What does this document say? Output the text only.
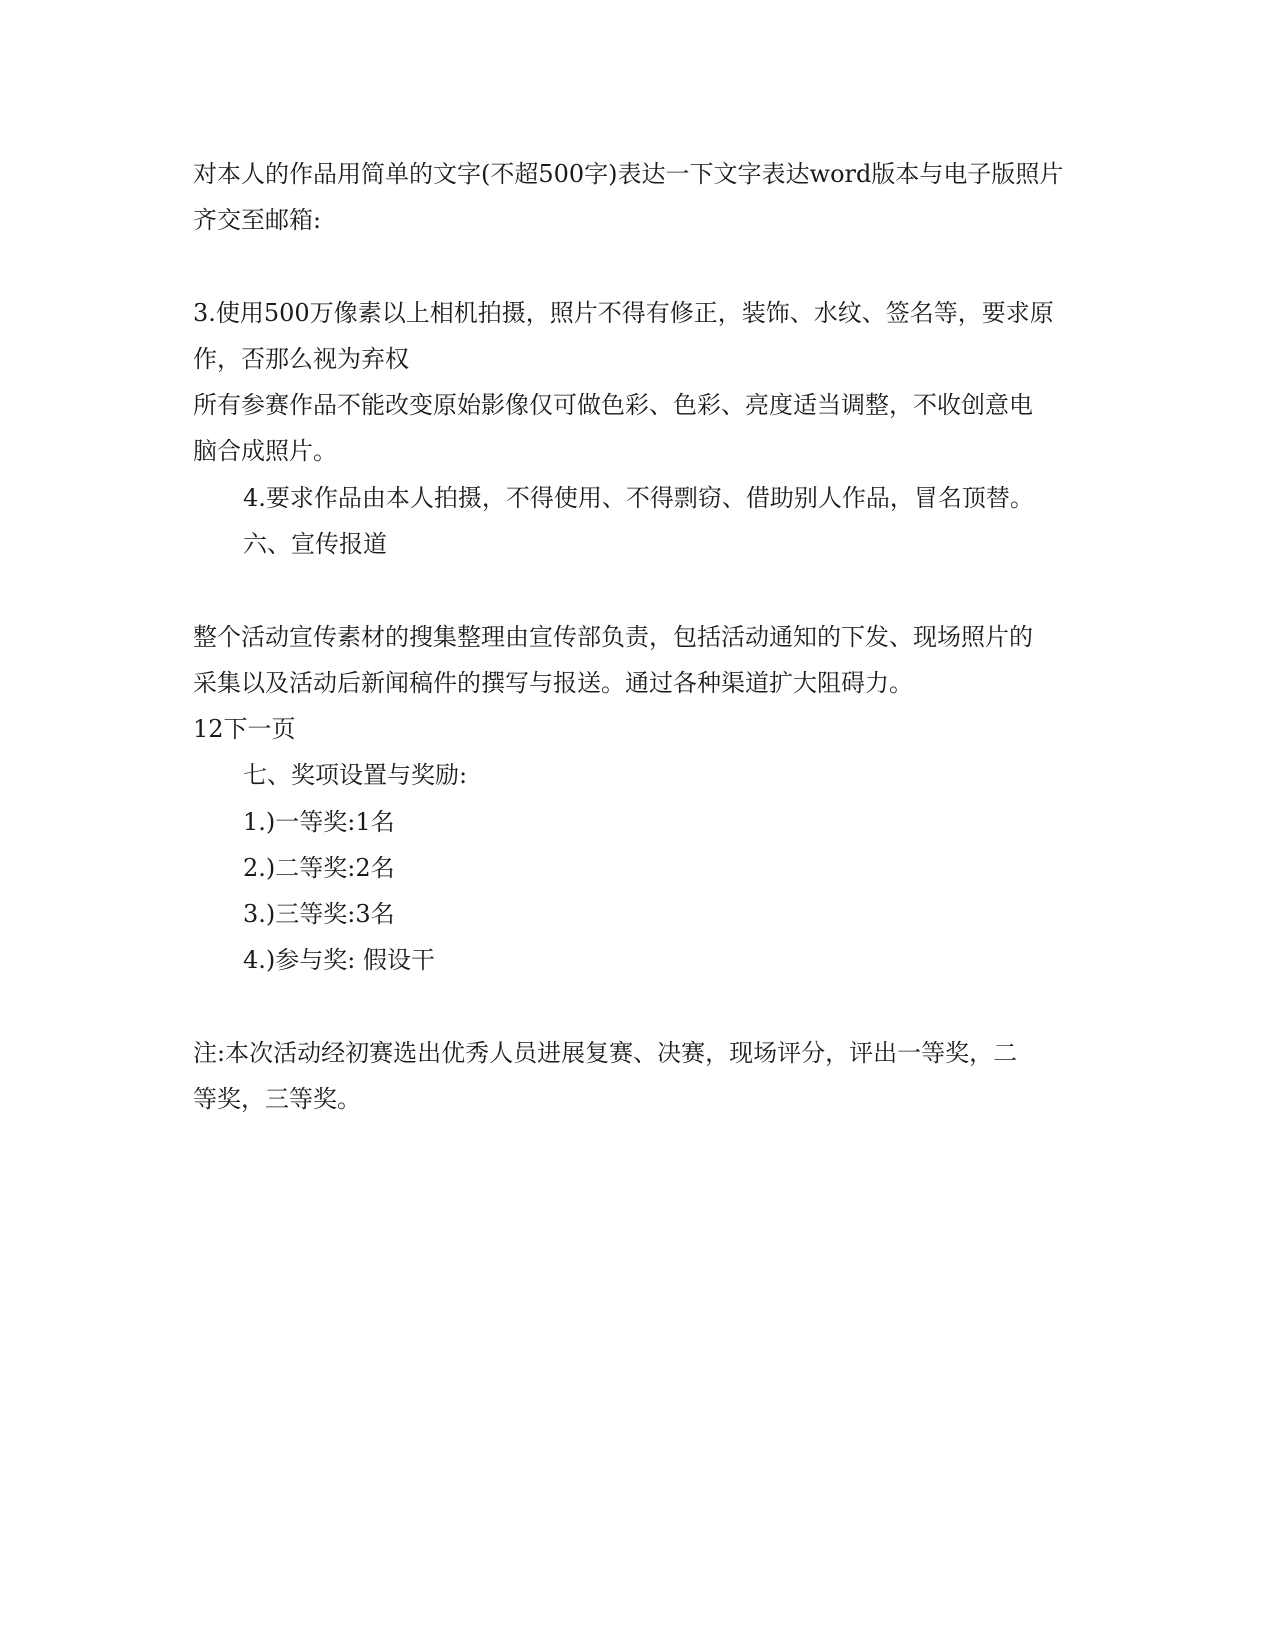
对本人的作品用简单的文字(不超500字)表达一下文字表达word版本与电子版照片
齐交至邮箱:
3.使用500万像素以上相机拍摄，照片不得有修正，装饰、水纹、签名等，要求原
作，否那么视为弃权
所有参赛作品不能改变原始影像仅可做色彩、色彩、亮度适当调整，不收创意电
脑合成照片。
4.要求作品由本人拍摄，不得使用、不得剽窃、借助别人作品，冒名顶替。
六、宣传报道
整个活动宣传素材的搜集整理由宣传部负责，包括活动通知的下发、现场照片的
采集以及活动后新闻稿件的撰写与报送。通过各种渠道扩大阻碍力。
12下一页
七、奖项设置与奖励:
1.)一等奖:1名
2.)二等奖:2名
3.)三等奖:3名
4.)参与奖: 假设干
注:本次活动经初赛选出优秀人员进展复赛、决赛，现场评分，评出一等奖，二
等奖，三等奖。
